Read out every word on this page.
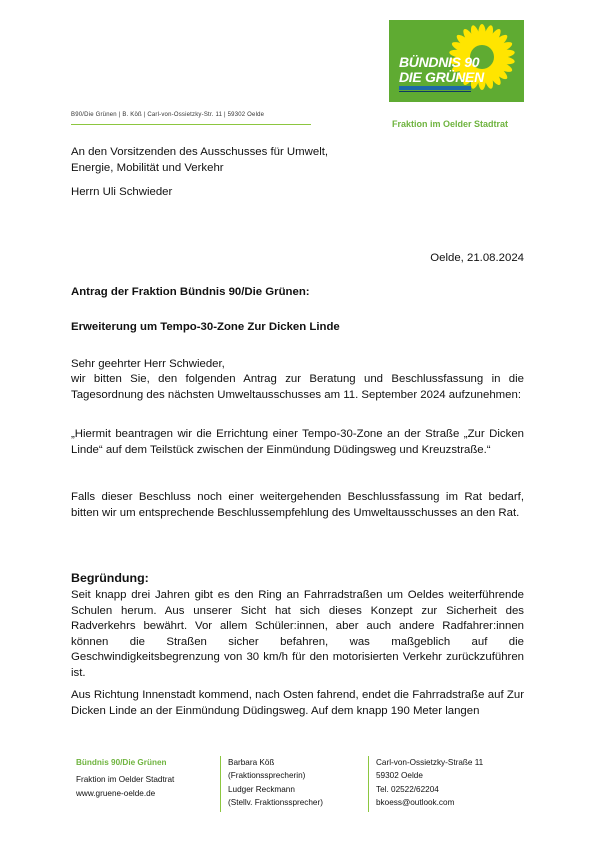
BÜNDNIS 90
DIE GRÜNEN
B90/Die Grünen | B. Köß | Carl-von-Ossietzky-Str. 11 | 59302 Oelde
Fraktion im Oelder Stadtrat
An den Vorsitzenden des Ausschusses für Umwelt, Energie, Mobilität und Verkehr
Herrn Uli Schwieder
Oelde, 21.08.2024
Antrag der Fraktion Bündnis 90/Die Grünen:
Erweiterung um Tempo-30-Zone Zur Dicken Linde
Sehr geehrter Herr Schwieder,
wir bitten Sie, den folgenden Antrag zur Beratung und Beschlussfassung in die Tagesordnung des nächsten Umweltausschusses am 11. September 2024 aufzunehmen:
„Hiermit beantragen wir die Errichtung einer Tempo-30-Zone an der Straße „Zur Dicken Linde“ auf dem Teilstück zwischen der Einmündung Düdingsweg und Kreuzstraße.“
Falls dieser Beschluss noch einer weitergehenden Beschlussfassung im Rat bedarf, bitten wir um entsprechende Beschlussempfehlung des Umweltausschusses an den Rat.
Begründung:
Seit knapp drei Jahren gibt es den Ring an Fahrradstraßen um Oeldes weiterführende Schulen herum. Aus unserer Sicht hat sich dieses Konzept zur Sicherheit des Radverkehrs bewährt. Vor allem Schüler:innen, aber auch andere Radfahrer:innen können die Straßen sicher befahren, was maßgeblich auf die Geschwindigkeitsbegrenzung von 30 km/h für den motorisierten Verkehr zurückzuführen ist.
Aus Richtung Innenstadt kommend, nach Osten fahrend, endet die Fahrradstraße auf Zur Dicken Linde an der Einmündung Düdingsweg. Auf dem knapp 190 Meter langen
Bündnis 90/Die Grünen
Fraktion im Oelder Stadtrat
www.gruene-oelde.de
Barbara Köß
(Fraktionssprecherin)
Ludger Reckmann
(Stellv. Fraktionssprecher)
Carl-von-Ossietzky-Straße 11
59302 Oelde
Tel. 02522/62204
bkoess@outlook.com
